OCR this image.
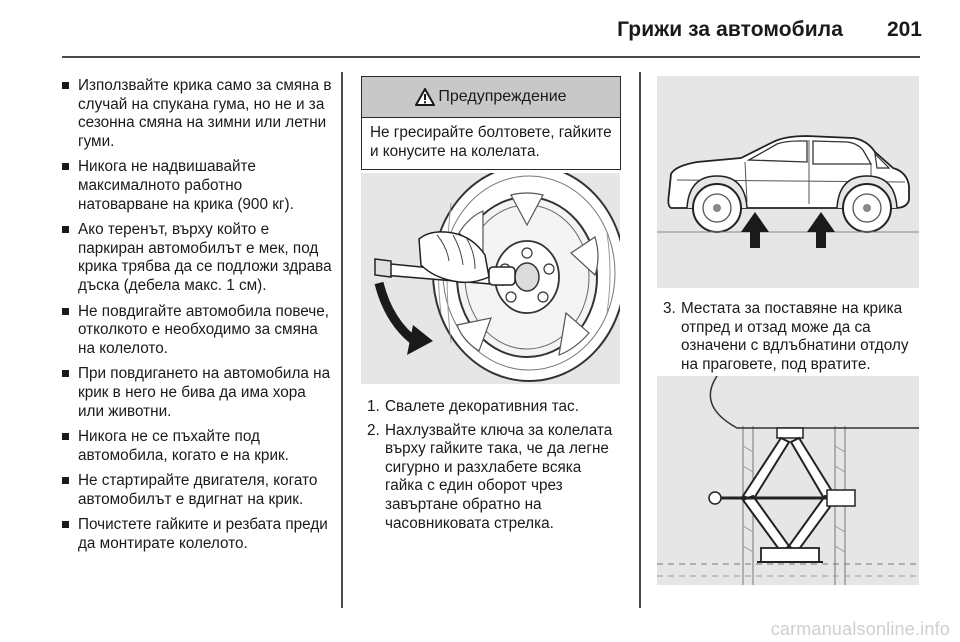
Грижи за автомобила 201
Използвайте крика само за смяна в случай на спукана гума, но не и за сезонна смяна на зимни или летни гуми.
Никога не надвишавайте максималното работно натоварване на крика (900 кг).
Ако теренът, върху който е паркиран автомобилът е мек, под крика трябва да се подложи здрава дъска (дебела макс. 1 см).
Не повдигайте автомобила повече, отколкото е необходимо за смяна на колелото.
При повдигането на автомобила на крик в него не бива да има хора или животни.
Никога не се пъхайте под автомобила, когато е на крик.
Не стартирайте двигателя, когато автомобилът е вдигнат на крик.
Почистете гайките и резбата преди да монтирате колелото.
Предупреждение
Не гресирайте болтовете, гайките и конусите на колелата.
1. Свалете декоративния тас.
2. Нахлузвайте ключа за колелата върху гайките така, че да легне сигурно и разхлабете всяка гайка с един оборот чрез завъртане обратно на часовниковата стрелка.
3. Местата за поставяне на крика отпред и отзад може да са означени с вдлъбнатини отдолу на праговете, под вратите.
carmanualsonline.info
